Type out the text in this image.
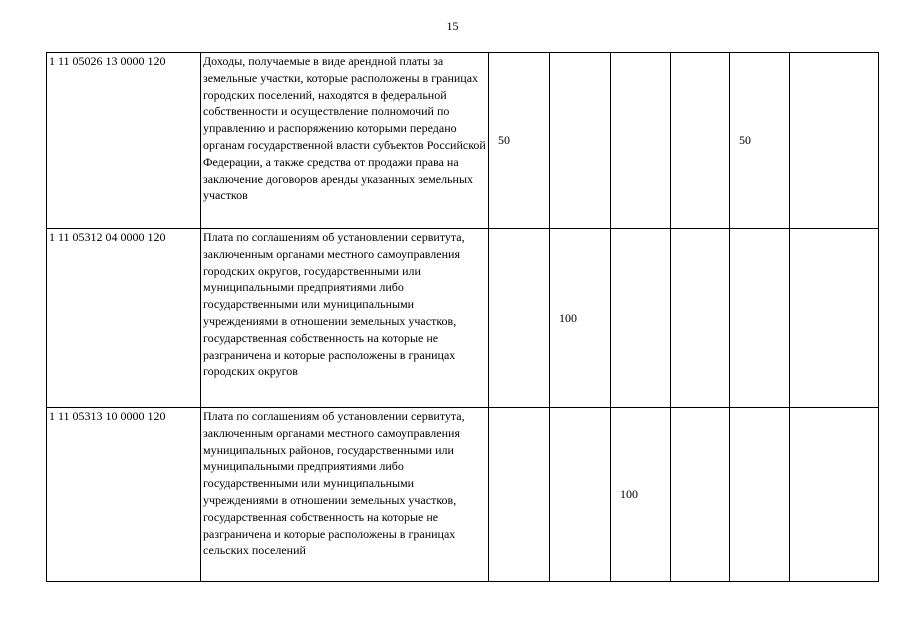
15
1 11 05026 13 0000 120	Доходы, получаемые в виде арендной платы за земельные участки, которые расположены в границах городских поселений, находятся в федеральной собственности и осуществление полномочий по управлению и распоряжению которыми передано органам государственной власти субъектов Российской Федерации, а также средства от продажи права на заключение договоров аренды указанных земельных участков	50				50	
1 11 05312 04 0000 120	Плата по соглашениям об установлении сервитута, заключенным органами местного самоуправления городских округов, государственными или муниципальными предприятиями либо государственными или муниципальными учреждениями в отношении земельных участков, государственная собственность на которые не разграничена и которые расположены в границах городских округов		100				
1 11 05313 10 0000 120	Плата по соглашениям об установлении сервитута, заключенным органами местного самоуправления муниципальных районов, государственными или муниципальными предприятиями либо государственными или муниципальными учреждениями в отношении земельных участков, государственная собственность на которые не разграничена и которые расположены в границах сельских поселений			100			
